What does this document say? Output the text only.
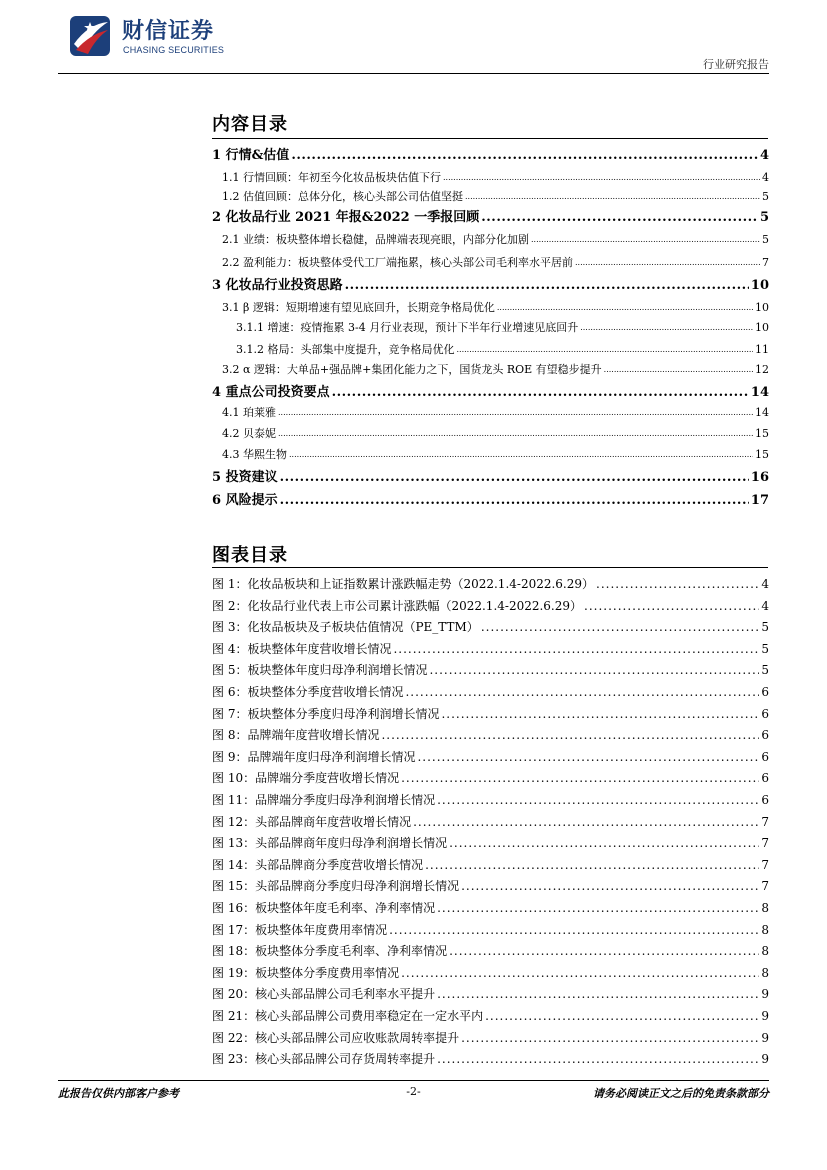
财信证券
CHASING SECURITIES
行业研究报告
内容目录
1 行情&估值 .....	4
1.1 行情回顾：年初至今化妆品板块估值下行 .....	4
1.2 估值回顾：总体分化，核心头部公司估值坚挺 .....	5
2 化妆品行业 2021 年报&2022 一季报回顾 .....	5
2.1 业绩：板块整体增长稳健，品牌端表现亮眼，内部分化加剧 .....	5
2.2 盈利能力：板块整体受代工厂端拖累，核心头部公司毛利率水平居前 .....	7
3 化妆品行业投资思路 .....	10
3.1 β 逻辑：短期增速有望见底回升，长期竞争格局优化 .....	10
3.1.1 增速：疫情拖累 3-4 月行业表现，预计下半年行业增速见底回升 .....	10
3.1.2 格局：头部集中度提升，竞争格局优化 .....	11
3.2 α 逻辑：大单品+强品牌+集团化能力之下，国货龙头 ROE 有望稳步提升 .....	12
4 重点公司投资要点 .....	14
4.1 珀莱雅 .....	14
4.2 贝泰妮 .....	15
4.3 华熙生物 .....	15
5 投资建议 .....	16
6 风险提示 .....	17
图表目录
图 1：化妆品板块和上证指数累计涨跌幅走势（2022.1.4-2022.6.29） .....	4
图 2：化妆品行业代表上市公司累计涨跌幅（2022.1.4-2022.6.29） .....	4
图 3：化妆品板块及子板块估值情况（PE_TTM） .....	5
图 4：板块整体年度营收增长情况 .....	5
图 5：板块整体年度归母净利润增长情况 .....	5
图 6：板块整体分季度营收增长情况 .....	6
图 7：板块整体分季度归母净利润增长情况 .....	6
图 8：品牌端年度营收增长情况 .....	6
图 9：品牌端年度归母净利润增长情况 .....	6
图 10：品牌端分季度营收增长情况 .....	6
图 11：品牌端分季度归母净利润增长情况 .....	6
图 12：头部品牌商年度营收增长情况 .....	7
图 13：头部品牌商年度归母净利润增长情况 .....	7
图 14：头部品牌商分季度营收增长情况 .....	7
图 15：头部品牌商分季度归母净利润增长情况 .....	7
图 16：板块整体年度毛利率、净利率情况 .....	8
图 17：板块整体年度费用率情况 .....	8
图 18：板块整体分季度毛利率、净利率情况 .....	8
图 19：板块整体分季度费用率情况 .....	8
图 20：核心头部品牌公司毛利率水平提升 .....	9
图 21：核心头部品牌公司费用率稳定在一定水平内 .....	9
图 22：核心头部品牌公司应收账款周转率提升 .....	9
图 23：核心头部品牌公司存货周转率提升 .....	9
此报告仅供内部客户参考	-2-	请务必阅读正文之后的免责条款部分
